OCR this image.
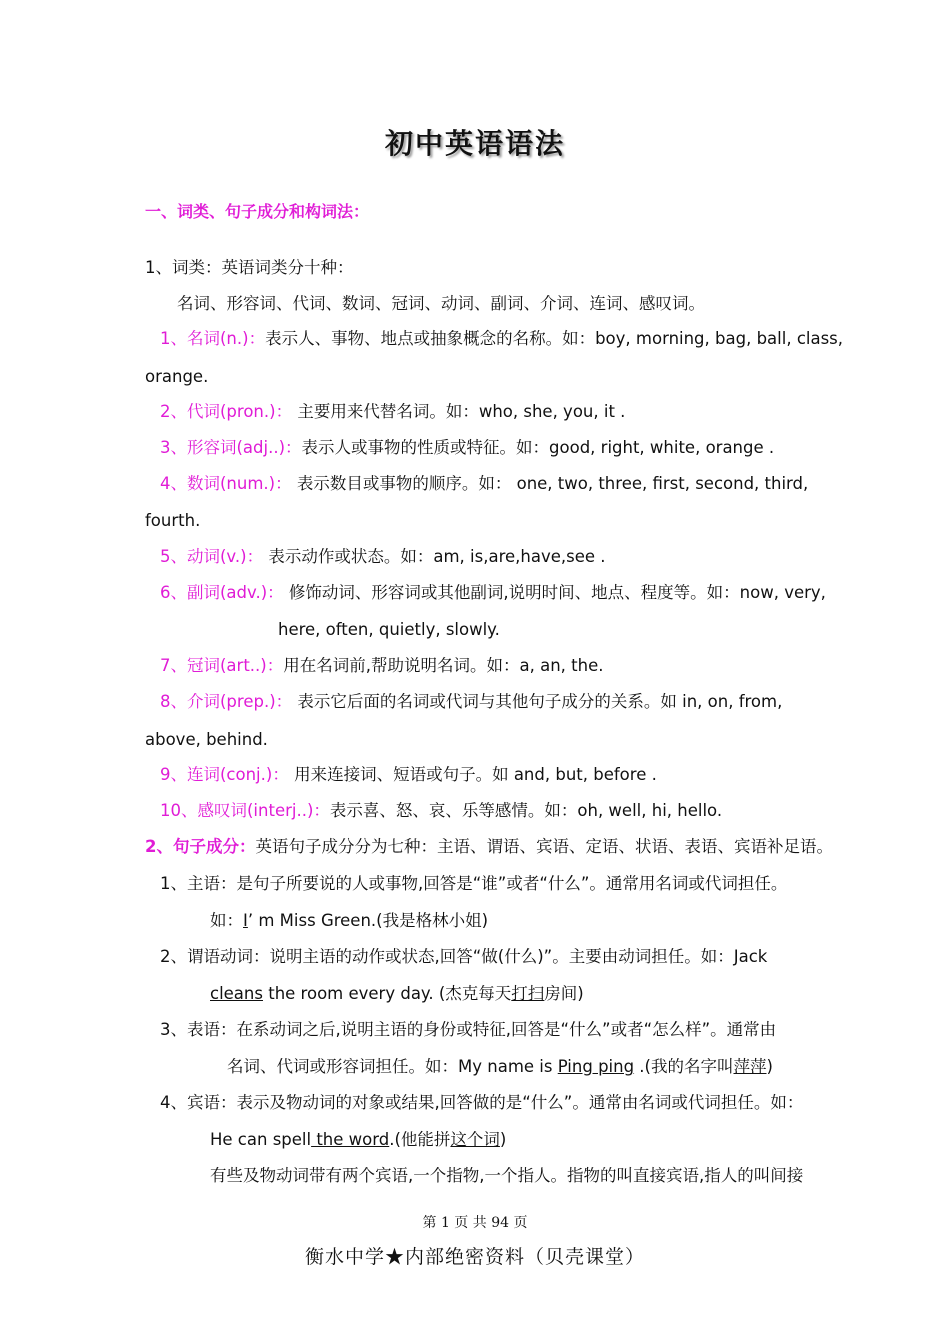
初中英语语法
一、词类、句子成分和构词法：
1、词类：英语词类分十种：
名词、形容词、代词、数词、冠词、动词、副词、介词、连词、感叹词。
1、名词(n.)：表示人、事物、地点或抽象概念的名称。如：boy, morning, bag, ball, class,
orange.
2、代词(pron.)： 主要用来代替名词。如：who, she, you, it .
3、形容词(adj..)：表示人或事物的性质或特征。如：good, right, white, orange .
4、数词(num.)： 表示数目或事物的顺序。如： one, two, three, first, second, third,
fourth.
5、动词(v.)： 表示动作或状态。如：am, is,are,have,see .
6、副词(adv.)： 修饰动词、形容词或其他副词,说明时间、地点、程度等。如：now, very,
here, often, quietly, slowly.
7、冠词(art..)：用在名词前,帮助说明名词。如：a, an, the.
8、介词(prep.)： 表示它后面的名词或代词与其他句子成分的关系。如 in, on, from,
above, behind.
9、连词(conj.)： 用来连接词、短语或句子。如 and, but, before .
10、感叹词(interj..)：表示喜、怒、哀、乐等感情。如：oh, well, hi, hello.
2、句子成分：英语句子成分分为七种：主语、谓语、宾语、定语、状语、表语、宾语补足语。
1、主语：是句子所要说的人或事物,回答是“谁”或者“什么”。通常用名词或代词担任。
如：I’ m Miss Green.(我是格林小姐)
2、谓语动词：说明主语的动作或状态,回答“做(什么)”。主要由动词担任。如：Jack
cleans the room every day. (杰克每天打扫房间)
3、表语：在系动词之后,说明主语的身份或特征,回答是“什么”或者“怎么样”。通常由
名词、代词或形容词担任。如：My name is Ping ping .(我的名字叫萍萍)
4、宾语：表示及物动词的对象或结果,回答做的是“什么”。通常由名词或代词担任。如：
He can spell the word.(他能拼这个词)
有些及物动词带有两个宾语,一个指物,一个指人。指物的叫直接宾语,指人的叫间接
第 1 页 共 94 页
衡水中学★内部绝密资料（贝壳课堂）
